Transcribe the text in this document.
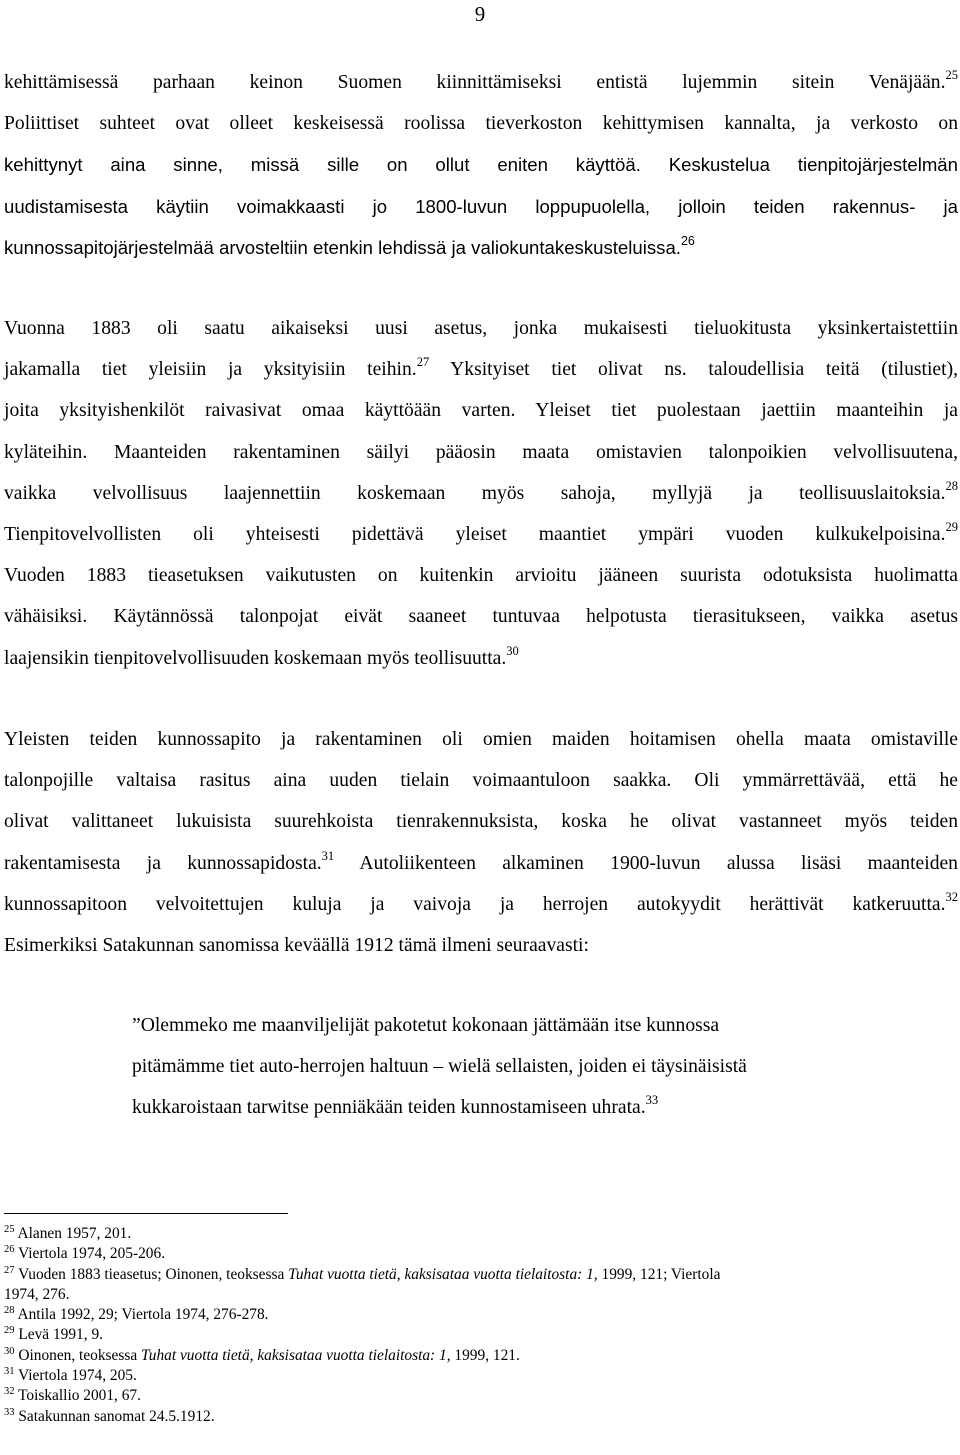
9
kehittämisessä parhaan keinon Suomen kiinnittämiseksi entistä lujemmin sitein Venäjään.$^{25}$
Poliittiset suhteet ovat olleet keskeisessä roolissa tieverkoston kehittymisen kannalta, ja verkosto on
kehittynyt aina sinne, missä sille on ollut eniten käyttöä. Keskustelua tienpitojärjestelmän
uudistamisesta käytiin voimakkaasti jo 1800-luvun loppupuolella, jolloin teiden rakennus- ja
kunnossapitojärjestelmää arvosteltiin etenkin lehdissä ja valiokuntakeskusteluissa.$^{26}$
Vuonna 1883 oli saatu aikaiseksi uusi asetus, jonka mukaisesti tieluokitusta yksinkertaistettiin
jakamalla tiet yleisiin ja yksityisiin teihin.$^{27}$ Yksityiset tiet olivat ns. taloudellisia teitä (tilustiet),
joita yksityishenkilöt raivasivat omaa käyttöään varten. Yleiset tiet puolestaan jaettiin maanteihin ja
kyläteihin. Maanteiden rakentaminen säilyi pääosin maata omistavien talonpoikien velvollisuutena,
vaikka velvollisuus laajennettiin koskemaan myös sahoja, myllyjä ja teollisuuslaitoksia.$^{28}$
Tienpitovelvollisten oli yhteisesti pidettävä yleiset maantiet ympäri vuoden kulkukelpoisina.$^{29}$
Vuoden 1883 tieasetuksen vaikutusten on kuitenkin arvioitu jääneen suurista odotuksista huolimatta
vähäisiksi. Käytännössä talonpojat eivät saaneet tuntuvaa helpotusta tierasitukseen, vaikka asetus
laajensikin tienpitovelvollisuuden koskemaan myös teollisuutta.$^{30}$
Yleisten teiden kunnossapito ja rakentaminen oli omien maiden hoitamisen ohella maata omistaville
talonpojille valtaisa rasitus aina uuden tielain voimaantuloon saakka. Oli ymmärrettävää, että he
olivat valittaneet lukuisista suurehkoista tienrakennuksista, koska he olivat vastanneet myös teiden
rakentamisesta ja kunnossapidosta.$^{31}$ Autoliikenteen alkaminen 1900-luvun alussa lisäsi maanteiden
kunnossapitoon velvoitettujen kuluja ja vaivoja ja herrojen autokyydit herättivät katkeruutta.$^{32}$
Esimerkiksi Satakunnan sanomissa keväällä 1912 tämä ilmeni seuraavasti:
”Olemmeko me maanviljelijät pakotetut kokonaan jättämään itse kunnossa
pitämämme tiet auto-herrojen haltuun – wielä sellaisten, joiden ei täysinäisistä
kukkaroistaan tarwitse penniäkään teiden kunnostamiseen uhrata.$^{33}$
$^{25}$ Alanen 1957, 201.
$^{26}$ Viertola 1974, 205-206.
$^{27}$ Vuoden 1883 tieasetus; Oinonen, teoksessa Tuhat vuotta tietä, kaksisataa vuotta tielaitosta: 1, 1999, 121; Viertola
1974, 276.
$^{28}$ Antila 1992, 29; Viertola 1974, 276-278.
$^{29}$ Levä 1991, 9.
$^{30}$ Oinonen, teoksessa Tuhat vuotta tietä, kaksisataa vuotta tielaitosta: 1, 1999, 121.
$^{31}$ Viertola 1974, 205.
$^{32}$ Toiskallio 2001, 67.
$^{33}$ Satakunnan sanomat 24.5.1912.
